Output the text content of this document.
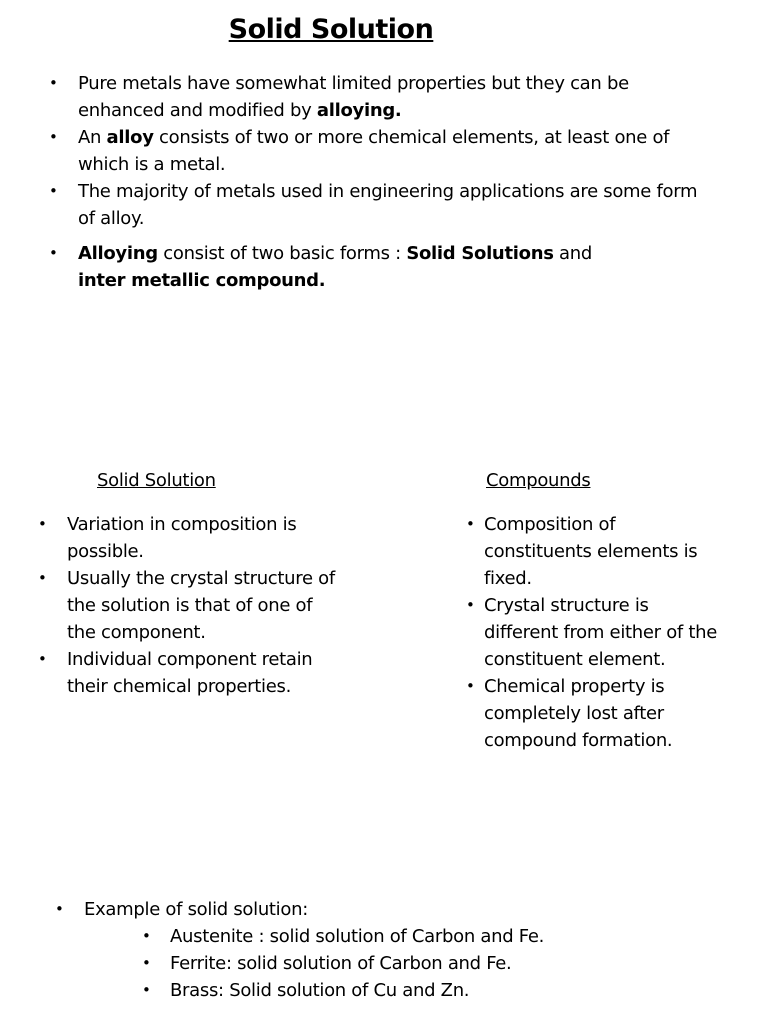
Solid Solution
• Pure metals have somewhat limited properties but they can be enhanced and modified by alloying.
• An alloy consists of two or more chemical elements, at least one of which is a metal.
• The majority of metals used in engineering applications are some form of alloy.
• Alloying consist of two basic forms : Solid Solutions and
inter metallic compound.
Solid Solution	Compounds
• Variation in composition is possible.
• Usually the crystal structure of the solution is that of one of the component.
• Individual component retain their chemical properties.
• Composition of constituents elements is fixed.
• Crystal structure is different from either of the constituent element.
• Chemical property is completely lost after compound formation.
• Example of solid solution:
• Austenite : solid solution of Carbon and Fe.
• Ferrite: solid solution of Carbon and Fe.
• Brass: Solid solution of Cu and Zn.
